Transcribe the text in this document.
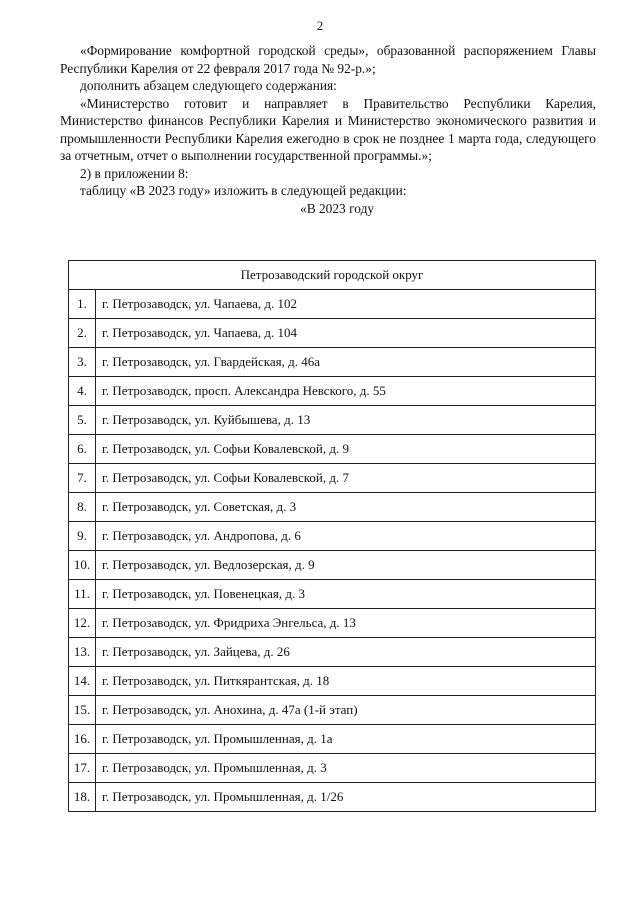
2

«Формирование комфортной городской среды», образованной распоряжением Главы Республики Карелия от 22 февраля 2017 года № 92-р.»;

дополнить абзацем следующего содержания:

«Министерство готовит и направляет в Правительство Республики Карелия, Министерство финансов Республики Карелия и Министерство экономического развития и промышленности Республики Карелия ежегодно в срок не позднее 1 марта года, следующего за отчетным, отчет о выполнении государственной программы.»;

2) в приложении 8:

таблицу «В 2023 году» изложить в следующей редакции:

«В 2023 году

Петрозаводский городской округ	
1.	г. Петрозаводск, ул. Чапаева, д. 102
2.	г. Петрозаводск, ул. Чапаева, д. 104
3.	г. Петрозаводск, ул. Гвардейская, д. 46а
4.	г. Петрозаводск, просп. Александра Невского, д. 55
5.	г. Петрозаводск, ул. Куйбышева, д. 13
6.	г. Петрозаводск, ул. Софьи Ковалевской, д. 9
7.	г. Петрозаводск, ул. Софьи Ковалевской, д. 7
8.	г. Петрозаводск, ул. Советская, д. 3
9.	г. Петрозаводск, ул. Андропова, д. 6
10.	г. Петрозаводск, ул. Ведлозерская, д. 9
11.	г. Петрозаводск, ул. Повенецкая, д. 3
12.	г. Петрозаводск, ул. Фридриха Энгельса, д. 13
13.	г. Петрозаводск, ул. Зайцева, д. 26
14.	г. Петрозаводск, ул. Питкярантская, д. 18
15.	г. Петрозаводск, ул. Анохина, д. 47а (1-й этап)
16.	г. Петрозаводск, ул. Промышленная, д. 1а
17.	г. Петрозаводск, ул. Промышленная, д. 3
18.	г. Петрозаводск, ул. Промышленная, д. 1/26
